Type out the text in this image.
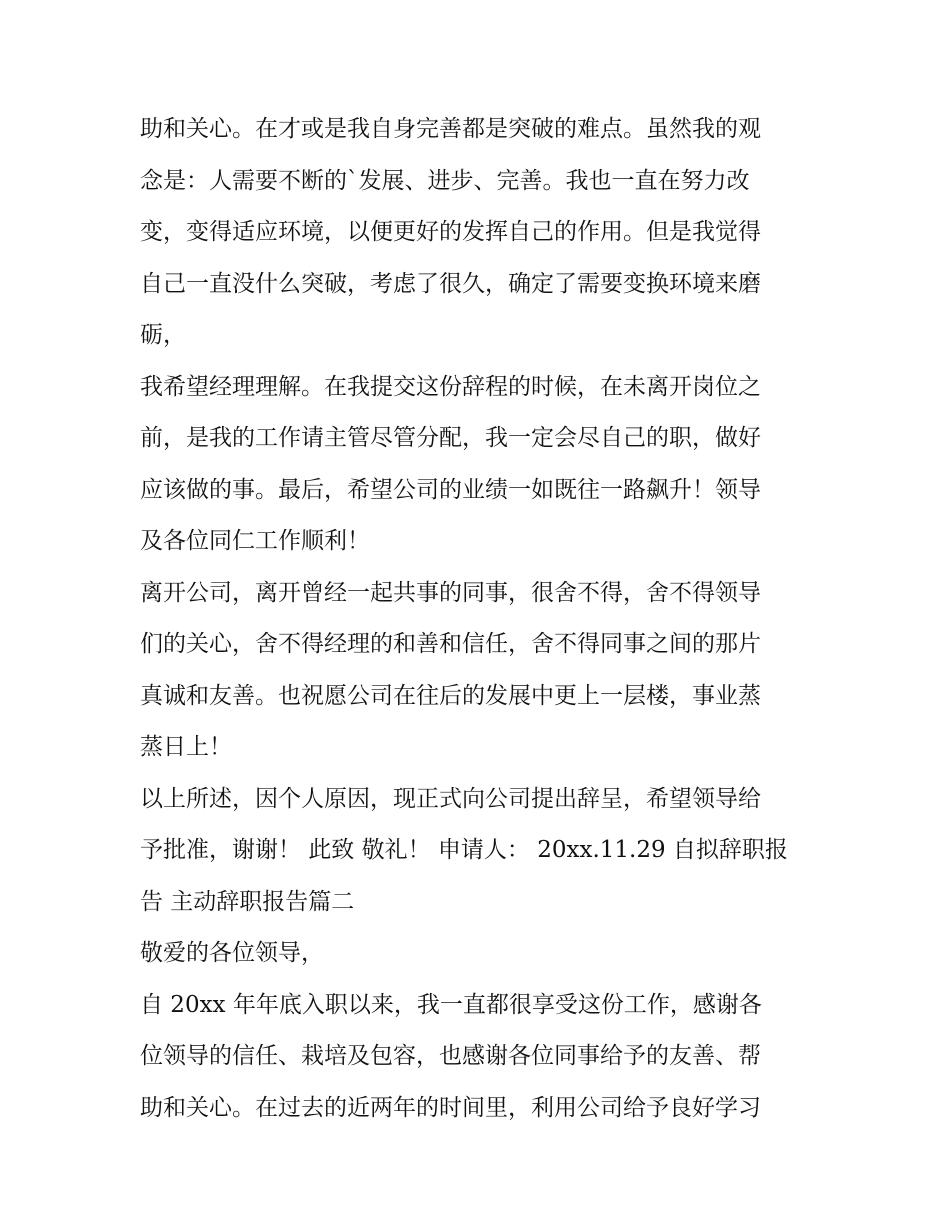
助和关心。在才或是我自身完善都是突破的难点。虽然我的观
念是：人需要不断的`发展、进步、完善。我也一直在努力改
变，变得适应环境，以便更好的发挥自己的作用。但是我觉得
自己一直没什么突破，考虑了很久，确定了需要变换环境来磨
砺，
我希望经理理解。在我提交这份辞程的时候，在未离开岗位之
前，是我的工作请主管尽管分配，我一定会尽自己的职，做好
应该做的事。最后，希望公司的业绩一如既往一路飙升！领导
及各位同仁工作顺利！
离开公司，离开曾经一起共事的同事，很舍不得，舍不得领导
们的关心，舍不得经理的和善和信任，舍不得同事之间的那片
真诚和友善。也祝愿公司在往后的发展中更上一层楼，事业蒸
蒸日上！
以上所述，因个人原因，现正式向公司提出辞呈，希望领导给
予批准，谢谢！ 此致 敬礼！ 申请人： 20xx.11.29 自拟辞职报
告 主动辞职报告篇二
敬爱的各位领导，
自 20xx 年年底入职以来，我一直都很享受这份工作，感谢各
位领导的信任、栽培及包容，也感谢各位同事给予的友善、帮
助和关心。在过去的近两年的时间里，利用公司给予良好学习
